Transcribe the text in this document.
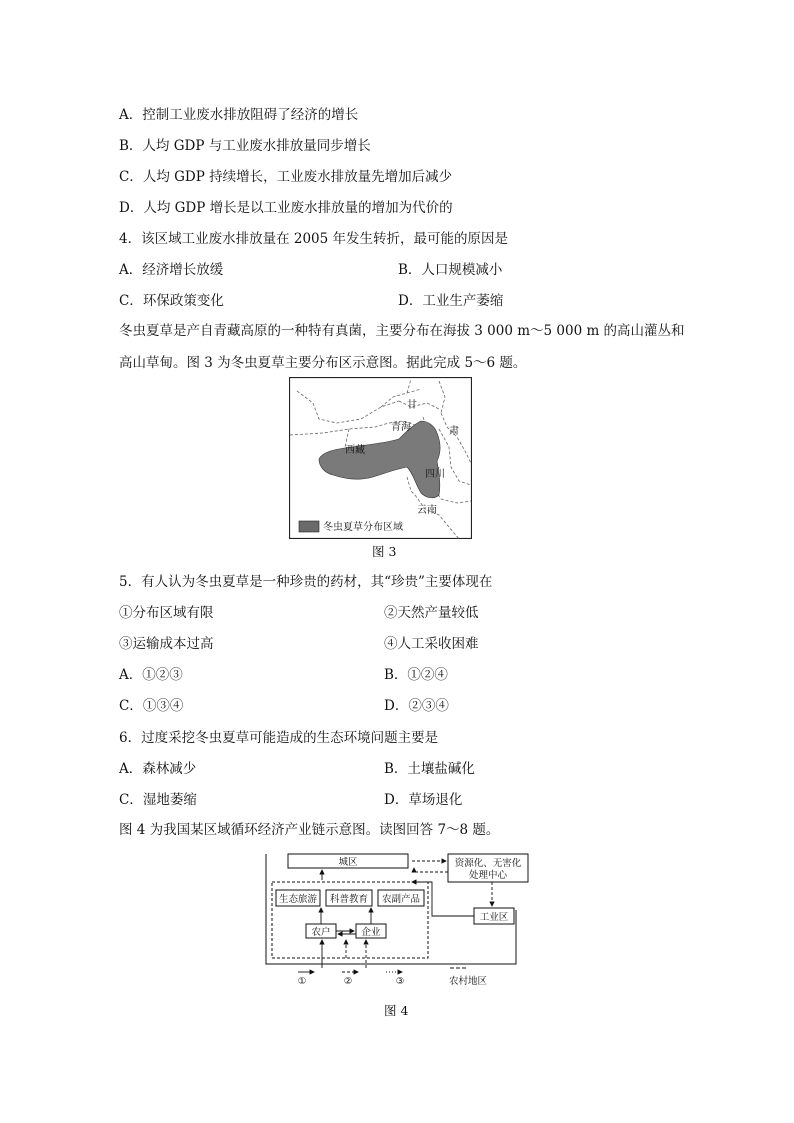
A．控制工业废水排放阻碍了经济的增长
B．人均 GDP 与工业废水排放量同步增长
C．人均 GDP 持续增长，工业废水排放量先增加后减少
D．人均 GDP 增长是以工业废水排放量的增加为代价的
4．该区域工业废水排放量在 2005 年发生转折，最可能的原因是
A．经济增长放缓	B．人口规模减小
C．环保政策变化	D．工业生产萎缩
冬虫夏草是产自青藏高原的一种特有真菌，主要分布在海拔 3 000 m～5 000 m 的高山灌丛和
高山草甸。图 3 为冬虫夏草主要分布区示意图。据此完成 5～6 题。
甘
肃
青海
西藏
四川
云南
冬虫夏草分布区域
图 3
5．有人认为冬虫夏草是一种珍贵的药材，其“珍贵”主要体现在
①分布区域有限	②天然产量较低
③运输成本过高	④人工采收困难
A．①②③	B．①②④
C．①③④	D．②③④
6．过度采挖冬虫夏草可能造成的生态环境问题主要是
A．森林减少	B．土壤盐碱化
C．湿地萎缩	D．草场退化
图 4 为我国某区域循环经济产业链示意图。读图回答 7～8 题。
城区	资源化、无害化
处理中心
生态旅游 科普教育 农副产品
农户	企业
工业区
①	②	③	农村地区
图 4
